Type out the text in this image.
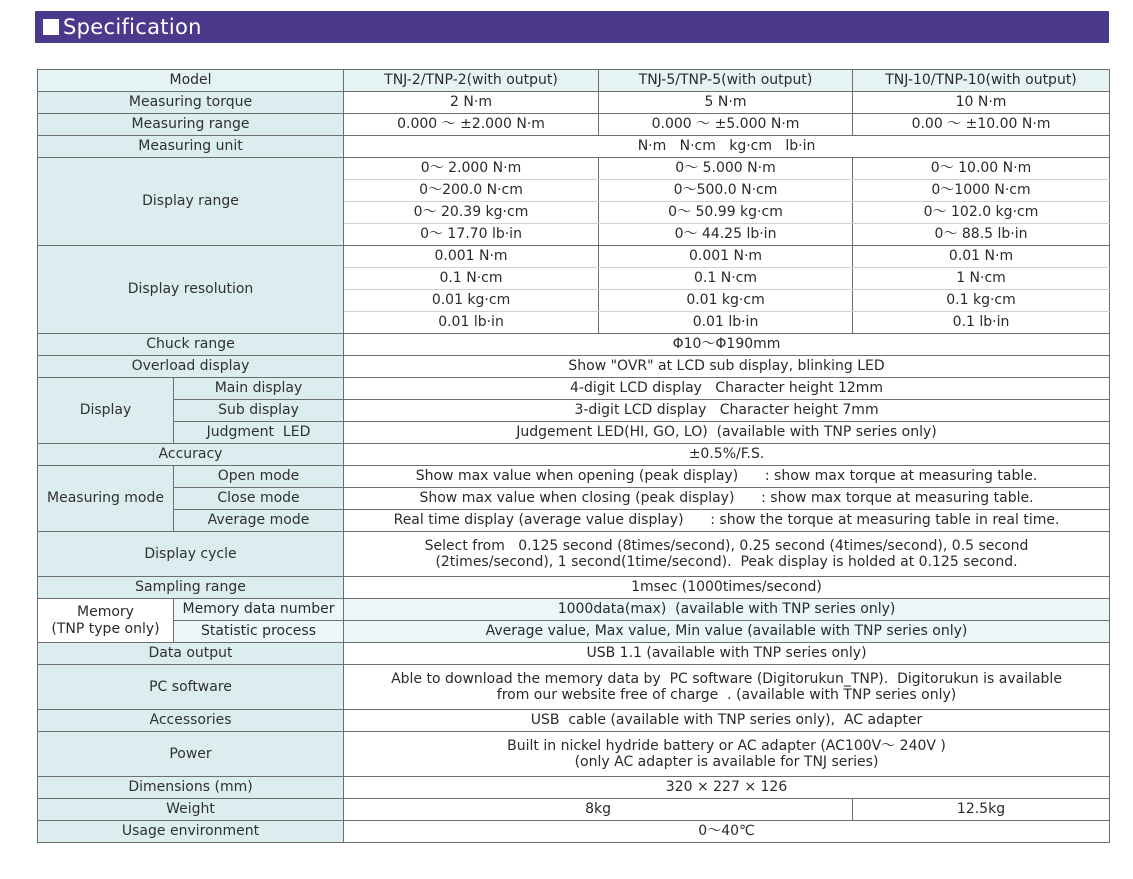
Specification
Model		TNJ-2/TNP-2(with output)	TNJ-5/TNP-5(with output)	TNJ-10/TNP-10(with output)
Measuring torque		2 N·m	5 N·m	10 N·m
Measuring range		0.000 ～ ±2.000 N·m	0.000 ～ ±5.000 N·m	0.00 ～ ±10.00 N·m
Measuring unit		N·m   N·cm   kg·cm   lb·in		
Display range		0～ 2.000 N·m	0～ 5.000 N·m	0～ 10.00 N·m
		0～200.0 N·cm	0～500.0 N·cm	0～1000 N·cm
		0～ 20.39 kg·cm	0～ 50.99 kg·cm	0～ 102.0 kg·cm
		0～ 17.70 lb·in	0～ 44.25 lb·in	0～ 88.5 lb·in
Display resolution		0.001 N·m	0.001 N·m	0.01 N·m
		0.1 N·cm	0.1 N·cm	1 N·cm
		0.01 kg·cm	0.01 kg·cm	0.1 kg·cm
		0.01 lb·in	0.01 lb·in	0.1 lb·in
Chuck range		Φ10～Φ190mm		
Overload display		Show "OVR" at LCD sub display, blinking LED		
Display	Main display	4-digit LCD display   Character height 12mm		
	Sub display	3-digit LCD display   Character height 7mm		
	Judgment  LED	Judgement LED(HI, GO, LO)  (available with TNP series only)		
Accuracy		±0.5%/F.S.		
Measuring mode	Open mode	Show max value when opening (peak display)      : show max torque at measuring table.		
	Close mode	Show max value when closing (peak display)      : show max torque at measuring table.		
	Average mode	Real time display (average value display)      : show the torque at measuring table in real time.		
Display cycle		Select from   0.125 second (8times/second), 0.25 second (4times/second), 0.5 second
(2times/second), 1 second(1time/second).  Peak display is holded at 0.125 second.		

Sampling range		1msec (1000times/second)		

Memory
(TNP type only)	Memory data number	1000data(max)  (available with TNP series only)		
	Statistic process	Average value, Max value, Min value (available with TNP series only)		
Data output		USB 1.1 (available with TNP series only)		
PC software		Able to download the memory data by  PC software (Digitorukun_TNP).  Digitorukun is available
from our website free of charge  . (available with TNP series only)		

Accessories		USB  cable (available with TNP series only),  AC adapter		
Power		Built in nickel hydride battery or AC adapter (AC100V～ 240V )
(only AC adapter is available for TNJ series)		

Dimensions (mm)		320 × 227 × 126		
Weight		8kg		12.5kg
Usage environment		0～40℃		
